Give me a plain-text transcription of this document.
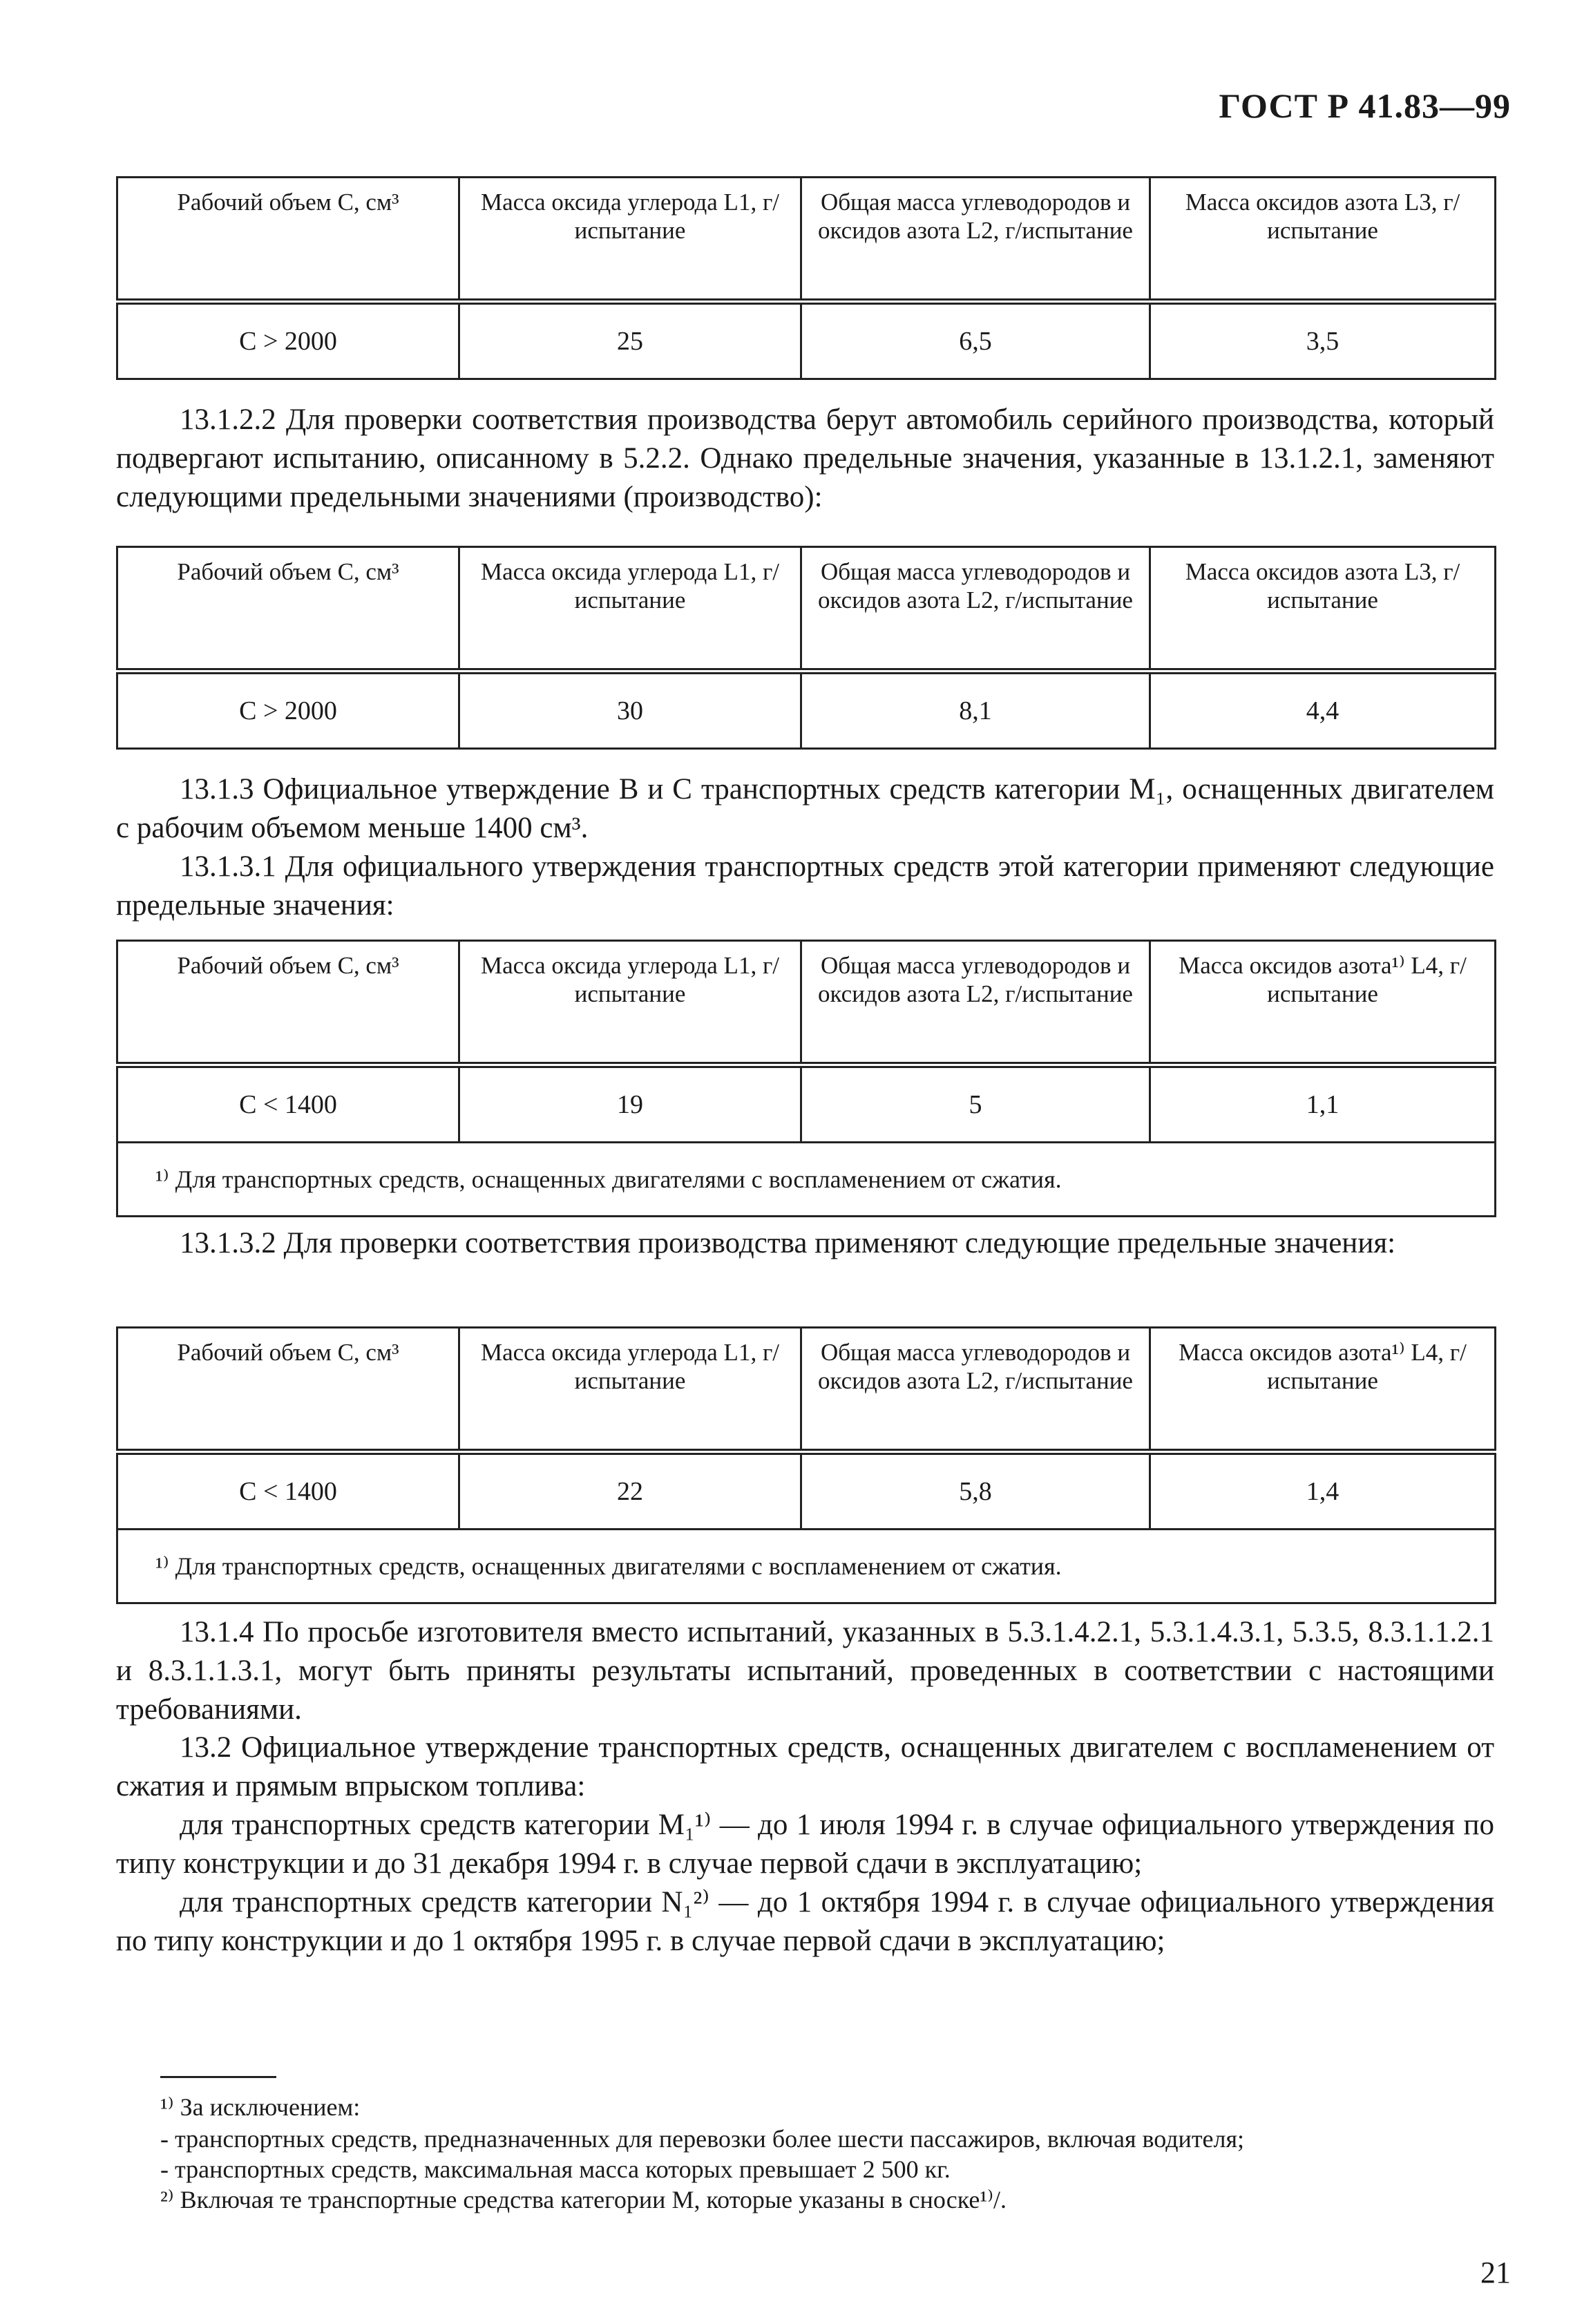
ГОСТ Р 41.83—99
Рабочий объем С, см³	Масса оксида углерода L1, г/испытание	Общая масса углеводородов и оксидов азота L2, г/испытание	Масса оксидов азота L3, г/испытание
С > 2000	25	6,5	3,5

13.1.2.2 Для проверки соответствия производства берут автомобиль серийного производства, который подвергают испытанию, описанному в 5.2.2. Однако предельные значения, указанные в 13.1.2.1, заменяют следующими предельными значениями (производство):

Рабочий объем С, см³	Масса оксида углерода L1, г/испытание	Общая масса углеводородов и оксидов азота L2, г/испытание	Масса оксидов азота L3, г/испытание
С > 2000	30	8,1	4,4

13.1.3 Официальное утверждение В и С транспортных средств категории М₁, оснащенных двигателем с рабочим объемом меньше 1400 см³.

13.1.3.1 Для официального утверждения транспортных средств этой категории применяют следующие предельные значения:

Рабочий объем С, см³	Масса оксида углерода L1, г/испытание	Общая масса углеводородов и оксидов азота L2, г/испытание	Масса оксидов азота¹⁾ L4, г/испытание
С < 1400	19	5	1,1
¹⁾ Для транспортных средств, оснащенных двигателями с воспламенением от сжатия.			

13.1.3.2 Для проверки соответствия производства применяют следующие предельные значения:

Рабочий объем С, см³	Масса оксида углерода L1, г/испытание	Общая масса углеводородов и оксидов азота L2, г/испытание	Масса оксидов азота¹⁾ L4, г/испытание
С < 1400	22	5,8	1,4
¹⁾ Для транспортных средств, оснащенных двигателями с воспламенением от сжатия.			

13.1.4 По просьбе изготовителя вместо испытаний, указанных в 5.3.1.4.2.1, 5.3.1.4.3.1, 5.3.5, 8.3.1.1.2.1 и 8.3.1.1.3.1, могут быть приняты результаты испытаний, проведенных в соответствии с настоящими требованиями.

13.2 Официальное утверждение транспортных средств, оснащенных двигателем с воспламенением от сжатия и прямым впрыском топлива:

для транспортных средств категории М₁¹⁾ — до 1 июля 1994 г. в случае официального утверждения по типу конструкции и до 31 декабря 1994 г. в случае первой сдачи в эксплуатацию;

для транспортных средств категории N₁²⁾ — до 1 октября 1994 г. в случае официального утверждения по типу конструкции и до 1 октября 1995 г. в случае первой сдачи в эксплуатацию;

¹⁾ За исключением:

- транспортных средств, предназначенных для перевозки более шести пассажиров, включая водителя;

- транспортных средств, максимальная масса которых превышает 2 500 кг.

²⁾ Включая те транспортные средства категории М, которые указаны в сноске¹⁾/.

21
